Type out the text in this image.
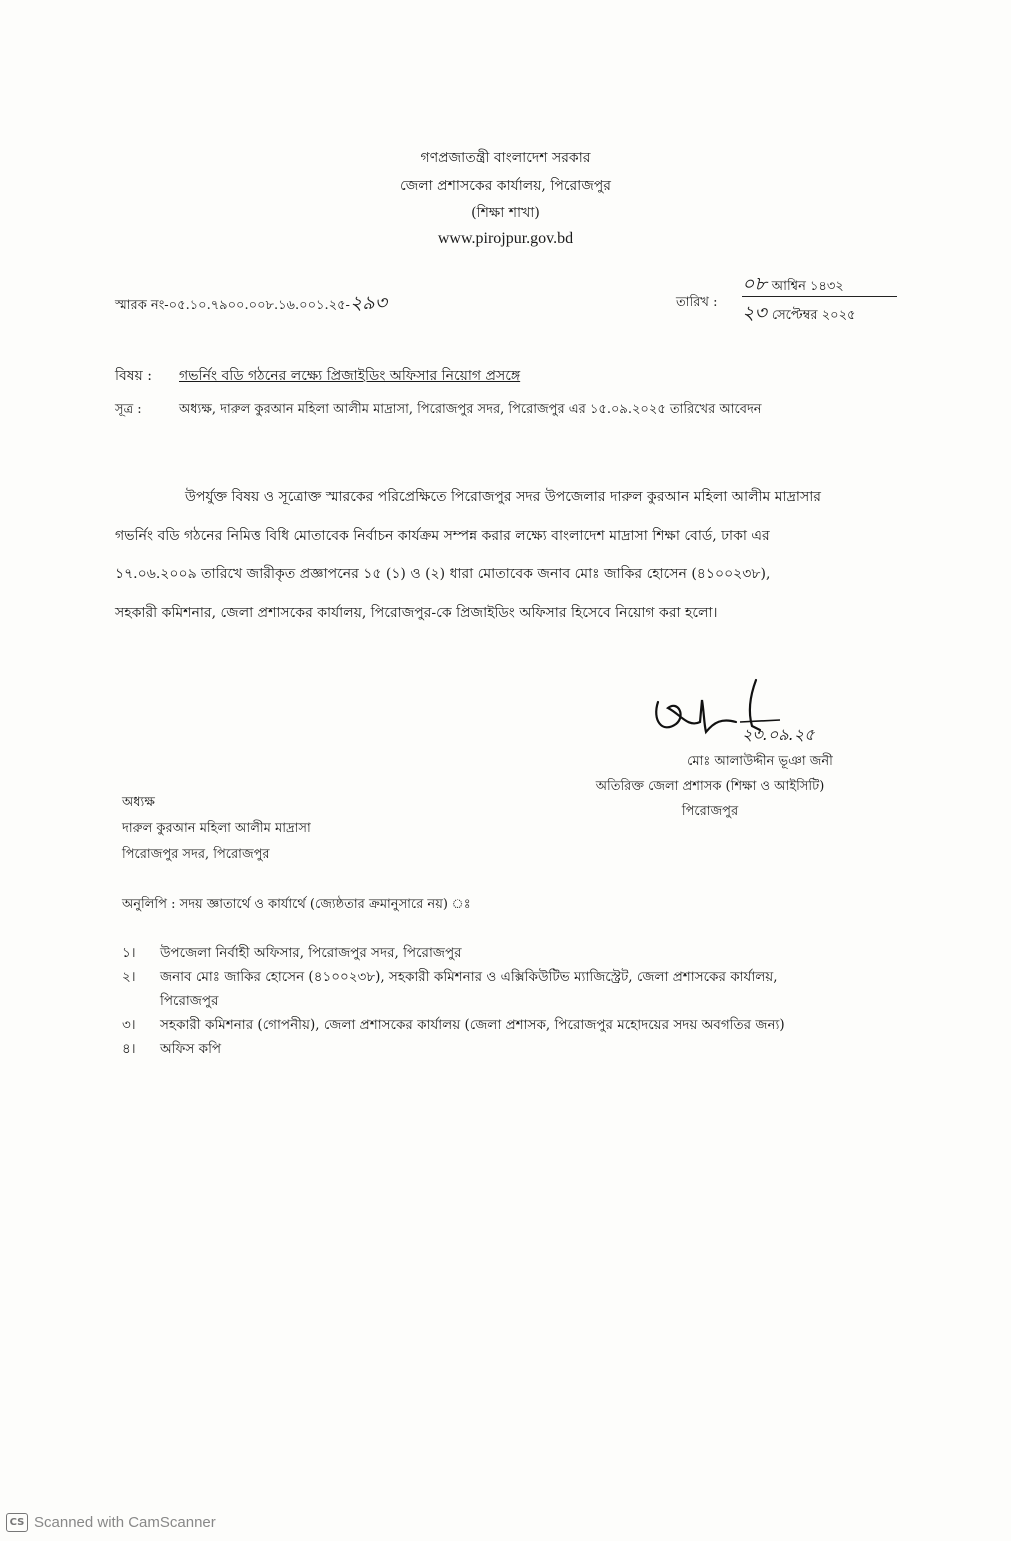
গণপ্রজাতন্ত্রী বাংলাদেশ সরকার
জেলা প্রশাসকের কার্যালয়, পিরোজপুর
(শিক্ষা শাখা)
www.pirojpur.gov.bd
স্মারক নং-০৫.১০.৭৯০০.০০৮.১৬.০০১.২৫-২৯৩	তারিখ :
০৮ আশ্বিন ১৪৩২
২৩ সেপ্টেম্বর ২০২৫
বিষয় : গভর্নিং বডি গঠনের লক্ষ্যে প্রিজাইডিং অফিসার নিয়োগ প্রসঙ্গে
সূত্র :	অধ্যক্ষ, দারুল কুরআন মহিলা আলীম মাদ্রাসা, পিরোজপুর সদর, পিরোজপুর এর ১৫.০৯.২০২৫ তারিখের আবেদন
উপর্যুক্ত বিষয় ও সূত্রোক্ত স্মারকের পরিপ্রেক্ষিতে পিরোজপুর সদর উপজেলার দারুল কুরআন মহিলা আলীম মাদ্রাসার
গভর্নিং বডি গঠনের নিমিত্ত বিধি মোতাবেক নির্বাচন কার্যক্রম সম্পন্ন করার লক্ষ্যে বাংলাদেশ মাদ্রাসা শিক্ষা বোর্ড, ঢাকা এর
১৭.০৬.২০০৯ তারিখে জারীকৃত প্রজ্ঞাপনের ১৫ (১) ও (২) ধারা মোতাবেক জনাব মোঃ জাকির হোসেন (৪১০০২৩৮),
সহকারী কমিশনার, জেলা প্রশাসকের কার্যালয়, পিরোজপুর-কে প্রিজাইডিং অফিসার হিসেবে নিয়োগ করা হলো।
২৩.০৯.২৫
মোঃ আলাউদ্দীন ভূঞা জনী
অতিরিক্ত জেলা প্রশাসক (শিক্ষা ও আইসিটি)
পিরোজপুর
অধ্যক্ষ
দারুল কুরআন মহিলা আলীম মাদ্রাসা
পিরোজপুর সদর, পিরোজপুর
অনুলিপি : সদয় জ্ঞাতার্থে ও কার্যার্থে (জ্যেষ্ঠতার ক্রমানুসারে নয়) ঃ
১। উপজেলা নির্বাহী অফিসার, পিরোজপুর সদর, পিরোজপুর
২। জনাব মোঃ জাকির হোসেন (৪১০০২৩৮), সহকারী কমিশনার ও এক্সিকিউটিভ ম্যাজিস্ট্রেট, জেলা প্রশাসকের কার্যালয়,
পিরোজপুর
৩। সহকারী কমিশনার (গোপনীয়), জেলা প্রশাসকের কার্যালয় (জেলা প্রশাসক, পিরোজপুর মহোদয়ের সদয় অবগতির জন্য)
৪। অফিস কপি
CS Scanned with CamScanner
